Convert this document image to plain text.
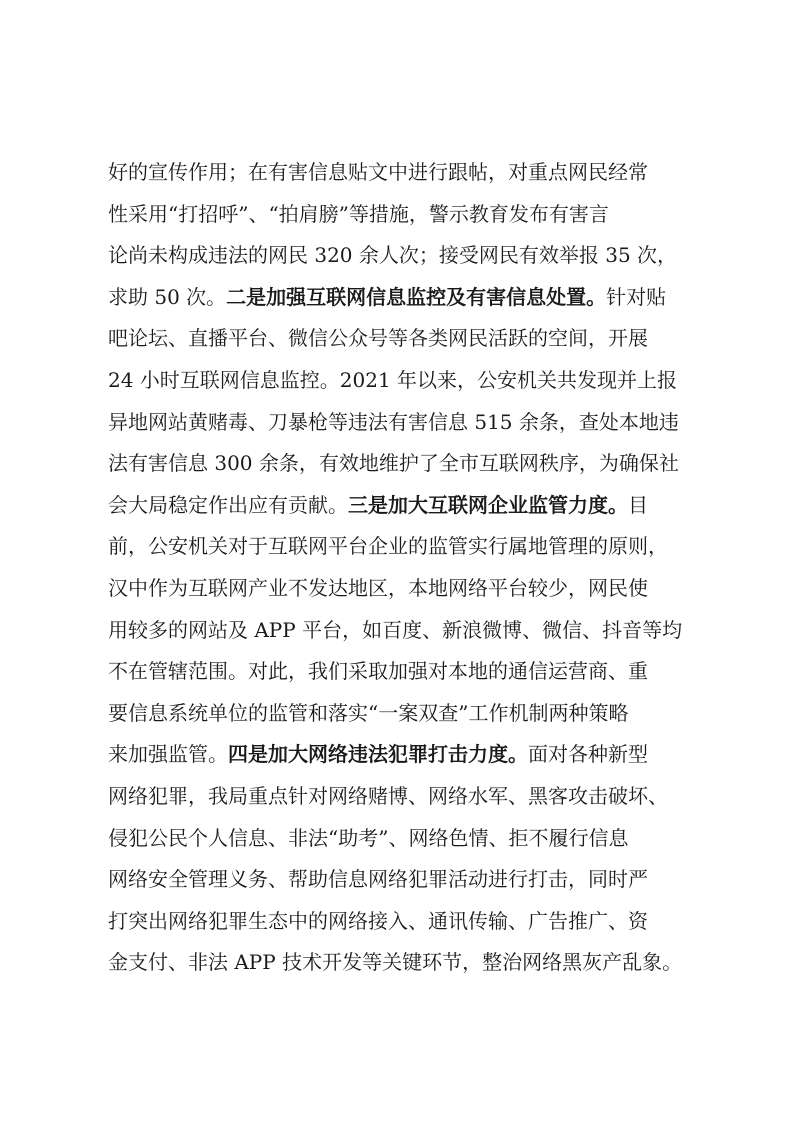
好的宣传作用；在有害信息贴文中进行跟帖，对重点网民经常
性采用“打招呼”、“拍肩膀”等措施，警示教育发布有害言
论尚未构成违法的网民 320 余人次；接受网民有效举报 35 次，
求助 50 次。二是加强互联网信息监控及有害信息处置。针对贴
吧论坛、直播平台、微信公众号等各类网民活跃的空间，开展
24 小时互联网信息监控。2021 年以来，公安机关共发现并上报
异地网站黄赌毒、刀暴枪等违法有害信息 515 余条，查处本地违
法有害信息 300 余条，有效地维护了全市互联网秩序，为确保社
会大局稳定作出应有贡献。三是加大互联网企业监管力度。目
前，公安机关对于互联网平台企业的监管实行属地管理的原则，
汉中作为互联网产业不发达地区，本地网络平台较少，网民使
用较多的网站及 APP 平台，如百度、新浪微博、微信、抖音等均
不在管辖范围。对此，我们采取加强对本地的通信运营商、重
要信息系统单位的监管和落实“一案双查”工作机制两种策略
来加强监管。四是加大网络违法犯罪打击力度。面对各种新型
网络犯罪，我局重点针对网络赌博、网络水军、黑客攻击破坏、
侵犯公民个人信息、非法“助考”、网络色情、拒不履行信息
网络安全管理义务、帮助信息网络犯罪活动进行打击，同时严
打突出网络犯罪生态中的网络接入、通讯传输、广告推广、资
金支付、非法 APP 技术开发等关键环节，整治网络黑灰产乱象。
